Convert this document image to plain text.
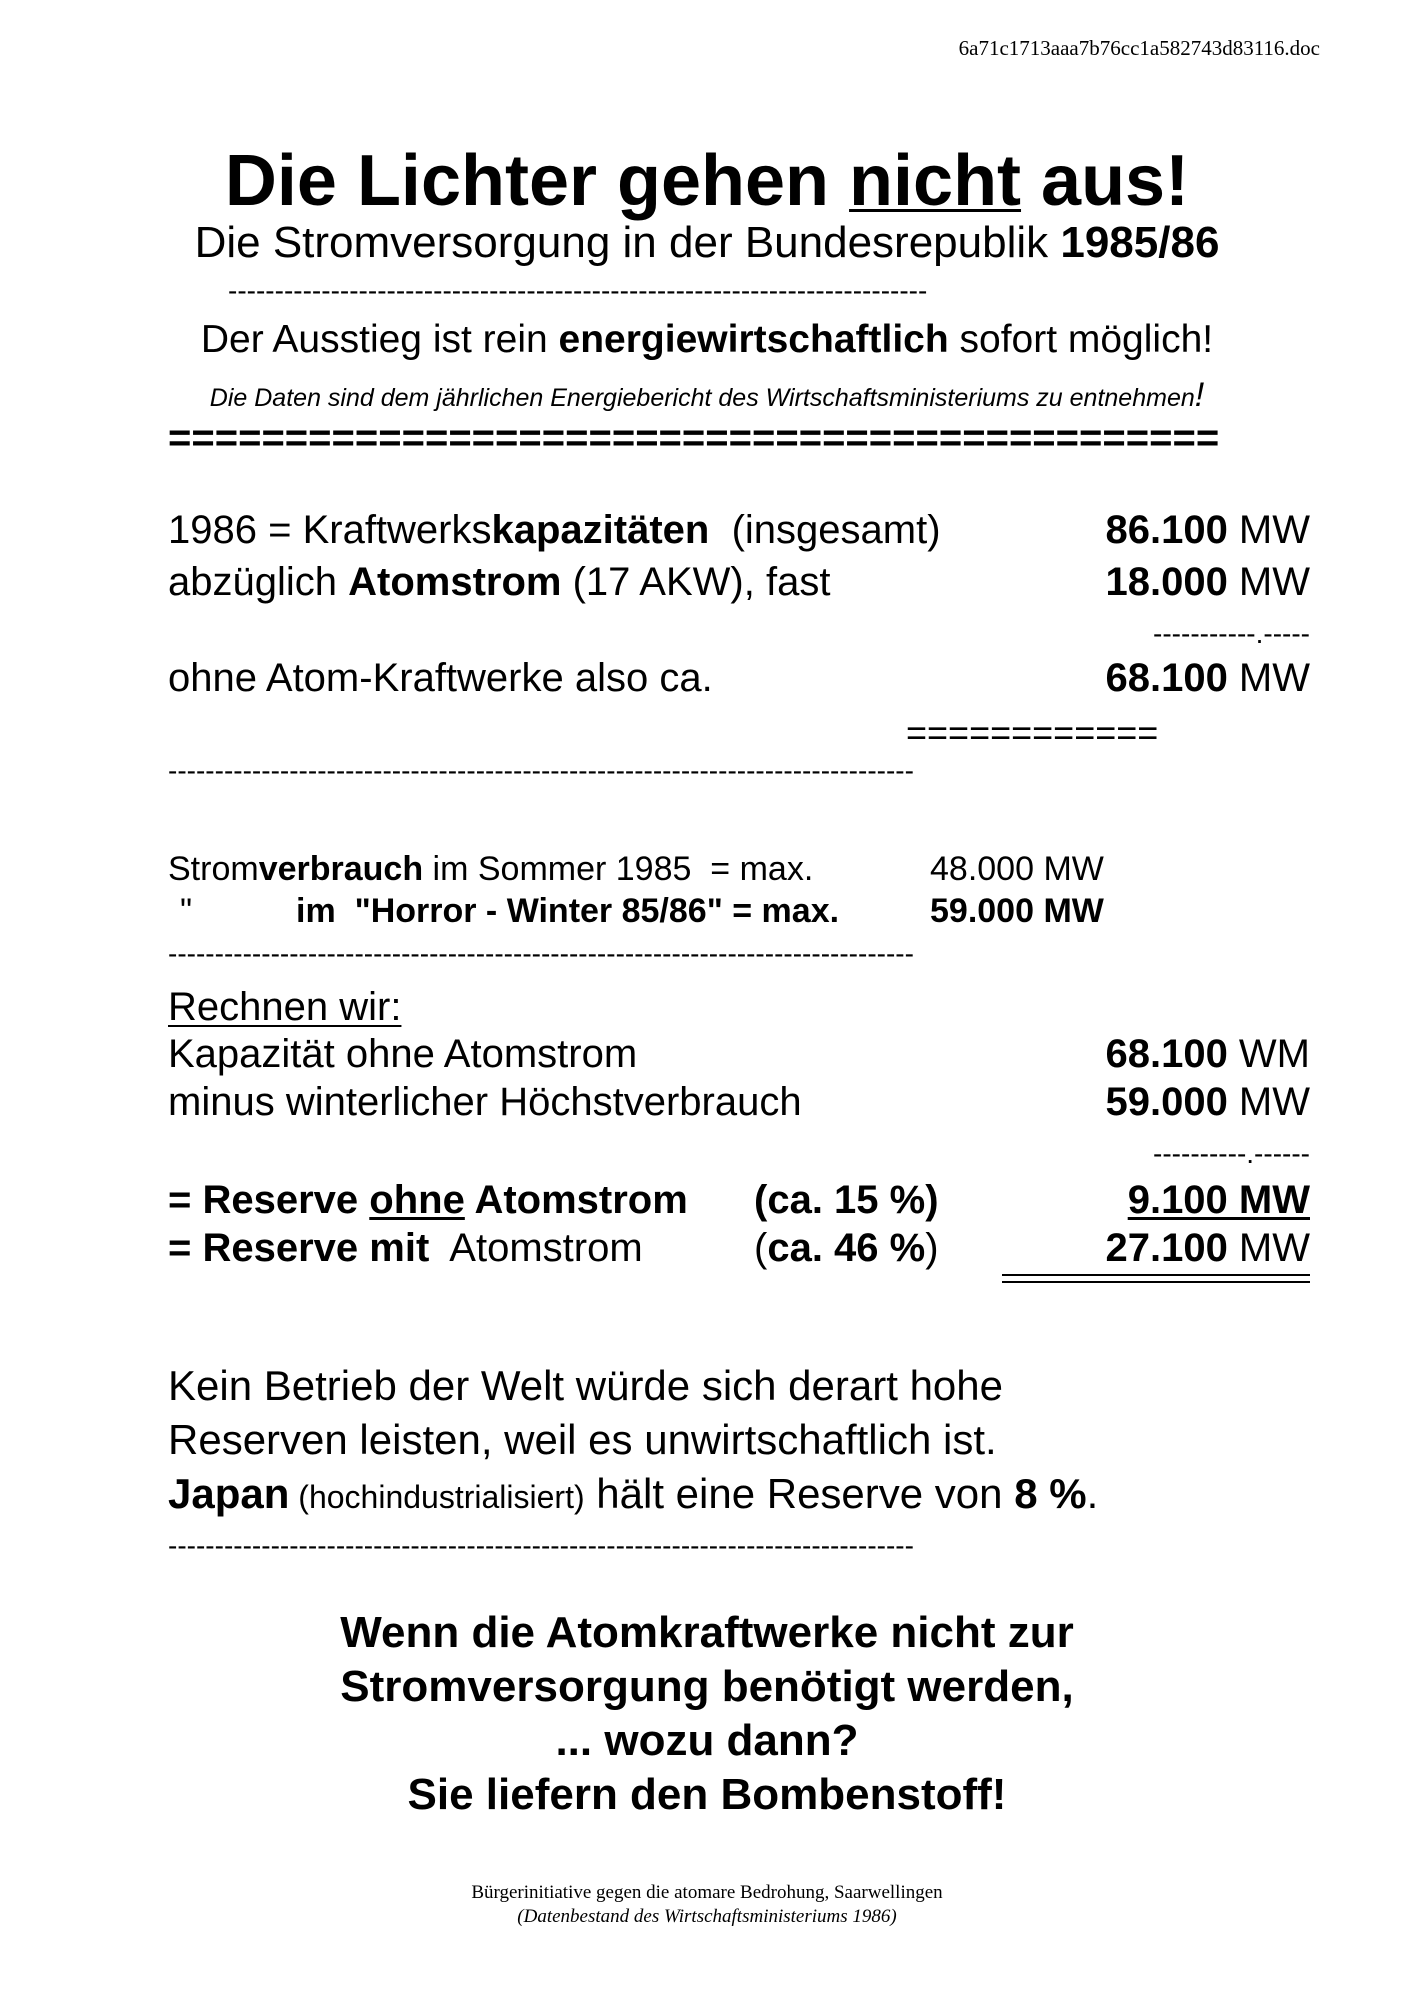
6a71c1713aaa7b76cc1a582743d83116.doc
Die Lichter gehen nicht aus!
Die Stromversorgung in der Bundesrepublik 1985/86
---------------------------------------------------------------------------
Der Ausstieg ist rein energiewirtschaftlich sofort möglich!
Die Daten sind dem jährlichen Energiebericht des Wirtschaftsministeriums zu entnehmen!
=============================================
1986 = Kraftwerkskapazitäten  (insgesamt)	86.100 MW
abzüglich Atomstrom (17 AKW), fast	18.000 MW
-----------.-----
ohne Atom-Kraftwerke also ca.	68.100 MW
============
--------------------------------------------------------------------------------
Stromverbrauch im Sommer 1985  = max.	48.000 MW
"	im  "Horror - Winter 85/86" = max.	59.000 MW
--------------------------------------------------------------------------------
Rechnen wir:
Kapazität ohne Atomstrom	68.100 WM
minus winterlicher Höchstverbrauch	59.000 MW
----------.------
= Reserve ohne Atomstrom (ca. 15 %)	9.100 MW
= Reserve mit  Atomstrom	(ca. 46 %)	27.100 MW
Kein Betrieb der Welt würde sich derart hohe
Reserven leisten, weil es unwirtschaftlich ist.
Japan (hochindustrialisiert) hält eine Reserve von 8 %.
--------------------------------------------------------------------------------
Wenn die Atomkraftwerke nicht zur
Stromversorgung benötigt werden,
... wozu dann?
Sie liefern den Bombenstoff!
Bürgerinitiative gegen die atomare Bedrohung, Saarwellingen
(Datenbestand des Wirtschaftsministeriums 1986)
